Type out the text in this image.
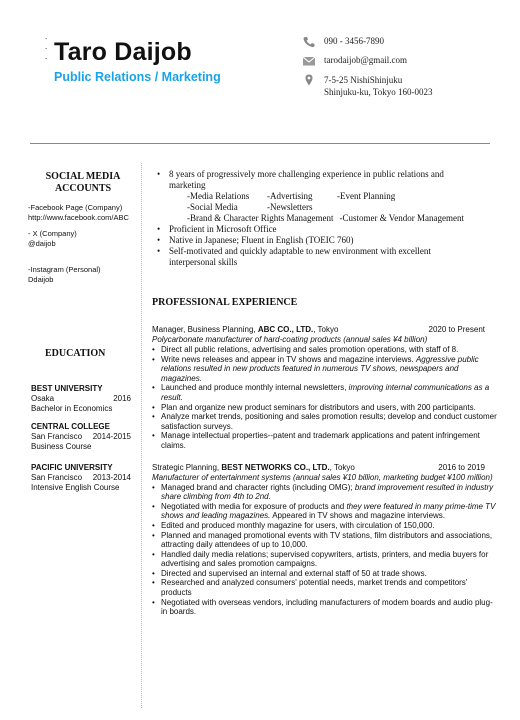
.
.
. Taro Daijob
Public Relations / Marketing
090 - 3456-7890
tarodaijob@gmail.com
7-5-25 NishiShinjuku
Shinjuku-ku, Tokyo 160-0023
SOCIAL MEDIA
ACCOUNTS
-Facebook Page (Company)
http://www.facebook.com/ABC
- X (Company)
@daijob
-Instagram (Personal)
Ddaijob
EDUCATION
BEST UNIVERSITY
Osaka	2016
Bachelor in Economics
CENTRAL COLLEGE
San Francisco 2014-2015
Business Course
PACIFIC UNIVERSITY
San Francisco 2013-2014
Intensive English Course
• 8 years of progressively more challenging experience in public relations and marketing
-Media Relations	-Advertising	-Event Planning
-Social Media	-Newsletters
-Brand & Character Rights Management -Customer & Vendor Management
• Proficient in Microsoft Office
• Native in Japanese; Fluent in English (TOEIC 760)
• Self-motivated and quickly adaptable to new environment with excellent interpersonal skills
PROFESSIONAL EXPERIENCE
Manager, Business Planning, ABC CO., LTD., Tokyo	2020 to Present
Polycarbonate manufacturer of hard-coating products (annual sales ¥4 billion)
• Direct all public relations, advertising and sales promotion operations, with staff of 8.
• Write news releases and appear in TV shows and magazine interviews. Aggressive public relations resulted in new products featured in numerous TV shows, newspapers and magazines.
• Launched and produce monthly internal newsletters, improving internal communications as a result.
• Plan and organize new product seminars for distributors and users, with 200 participants.
• Analyze market trends, positioning and sales promotion results; develop and conduct customer satisfaction surveys.
• Manage intellectual properties--patent and trademark applications and patent infringement claims.
Strategic Planning, BEST NETWORKS CO., LTD., Tokyo	2016 to 2019
Manufacturer of entertainment systems (annual sales ¥10 billion, marketing budget ¥100 million)
• Managed brand and character rights (including OMG); brand improvement resulted in industry share climbing from 4th to 2nd.
• Negotiated with media for exposure of products and they were featured in many prime-time TV shows and leading magazines. Appeared in TV shows and magazine interviews.
• Edited and produced monthly magazine for users, with circulation of 150,000.
• Planned and managed promotional events with TV stations, film distributors and associations, attracting daily attendees of up to 10,000.
• Handled daily media relations; supervised copywriters, artists, printers, and media buyers for advertising and sales promotion campaigns.
• Directed and supervised an internal and external staff of 50 at trade shows.
• Researched and analyzed consumers' potential needs, market trends and competitors' products
• Negotiated with overseas vendors, including manufacturers of modem boards and audio plug-in boards.
